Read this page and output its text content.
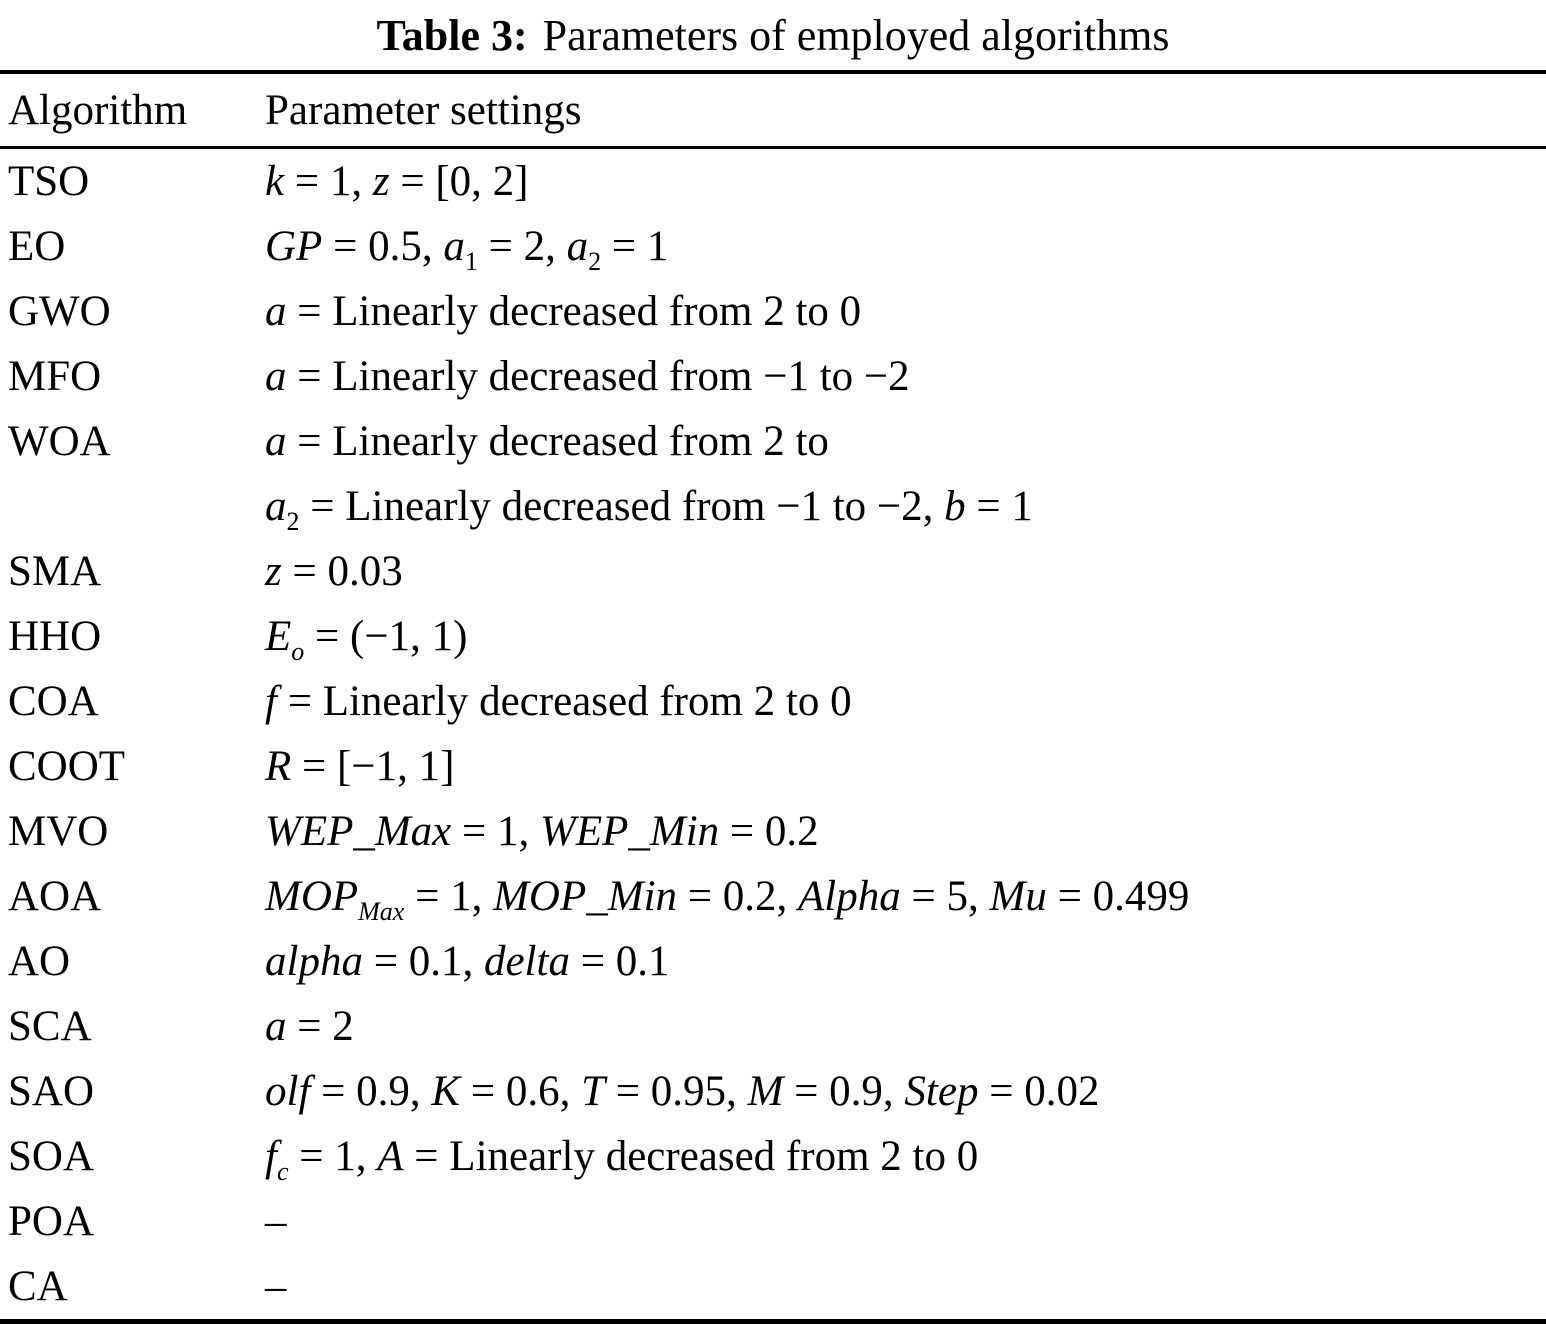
Table 3: Parameters of employed algorithms
Algorithm	Parameter settings
TSO	k = 1, z = [0, 2]
EO	GP = 0.5, $a_1 = 2$, $a_2 = 1$
GWO	a = Linearly decreased from 2 to 0
MFO	a = Linearly decreased from −1 to −2
WOA	a = Linearly decreased from 2 to
$a_2$ = Linearly decreased from −1 to −2, b = 1
SMA	z = 0.03
HHO	$E_o = (-1$, 1)
COA	f = Linearly decreased from 2 to 0
COOT	R = [−1, 1]
MVO	WEP_Max = 1, WEP_Min = 0.2
AOA	$MOP_{Max} = 1$, MOP_Min = 0.2, Alpha = 5, Mu = 0.499
AO	alpha = 0.1, delta = 0.1
SCA	a = 2
SAO	olf = 0.9, K = 0.6, T = 0.95, M = 0.9, Step = 0.02
SOA	$f_c = 1$, A = Linearly decreased from 2 to 0
POA	–
CA	–
